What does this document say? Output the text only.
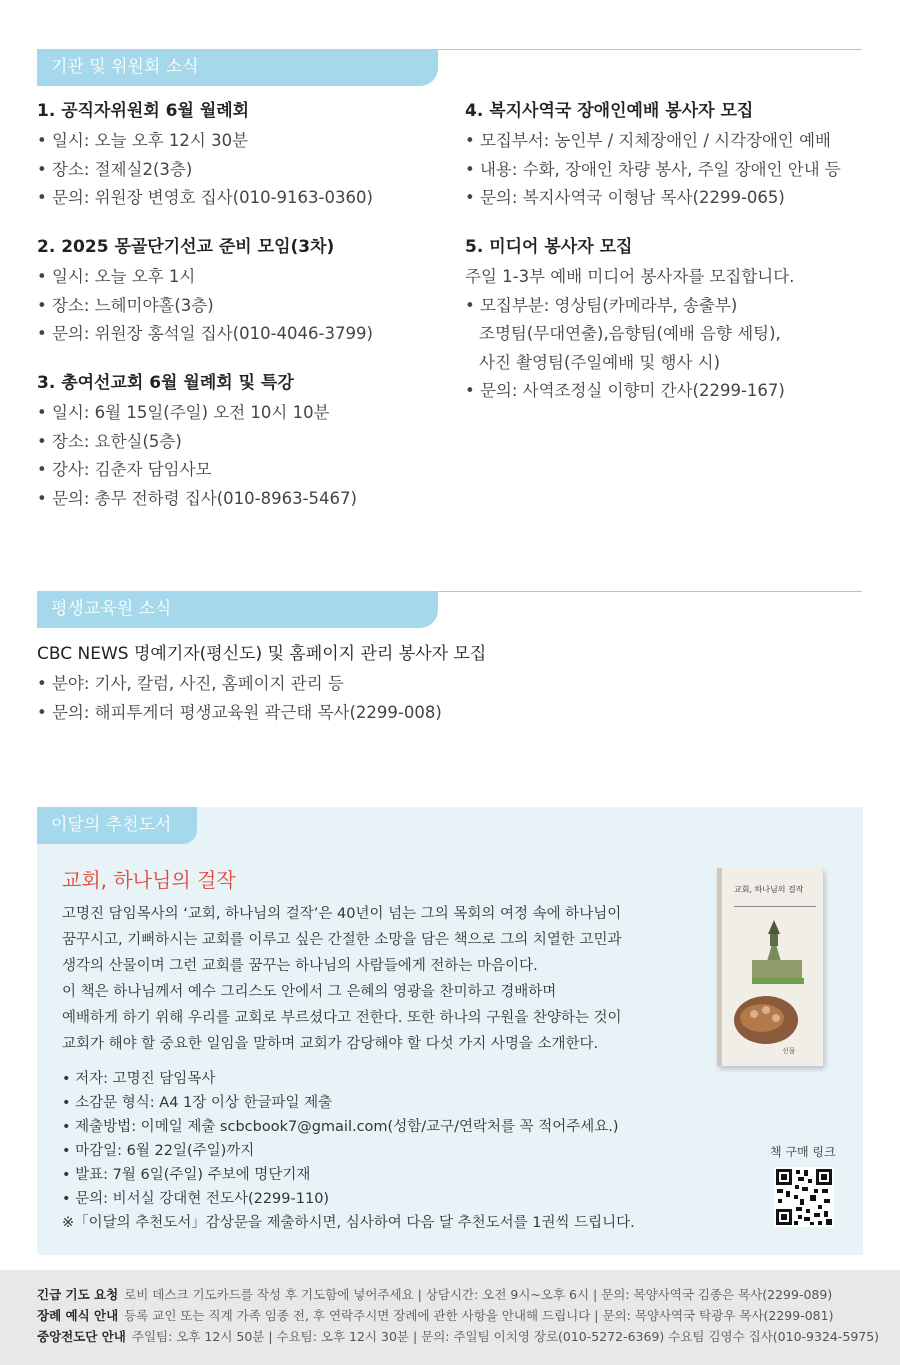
기관 및 위원회 소식
1. 공직자위원회 6월 월례회
• 일시: 오늘 오후 12시 30분
• 장소: 절제실2(3층)
• 문의: 위원장 변영호 집사(010-9163-0360)
2. 2025 몽골단기선교 준비 모임(3차)
• 일시: 오늘 오후 1시
• 장소: 느헤미야홀(3층)
• 문의: 위원장 홍석일 집사(010-4046-3799)
3. 총여선교회 6월 월례회 및 특강
• 일시: 6월 15일(주일) 오전 10시 10분
• 장소: 요한실(5층)
• 강사: 김춘자 담임사모
• 문의: 총무 전하령 집사(010-8963-5467)
4. 복지사역국 장애인예배 봉사자 모집
• 모집부서: 농인부 / 지체장애인 / 시각장애인 예배
• 내용: 수화, 장애인 차량 봉사, 주일 장애인 안내 등
• 문의: 복지사역국 이형남 목사(2299-065)
5. 미디어 봉사자 모집
주일 1-3부 예배 미디어 봉사자를 모집합니다.
• 모집부분: 영상팀(카메라부, 송출부)
조명팀(무대연출),음향팀(예배 음향 세팅),
사진 촬영팀(주일예배 및 행사 시)
• 문의: 사역조정실 이향미 간사(2299-167)
평생교육원 소식
CBC NEWS 명예기자(평신도) 및 홈페이지 관리 봉사자 모집
• 분야: 기사, 칼럼, 사진, 홈페이지 관리 등
• 문의: 해피투게더 평생교육원 곽근태 목사(2299-008)
이달의 추천도서
교회, 하나님의 걸작
고명진 담임목사의 ‘교회, 하나님의 걸작’은 40년이 넘는 그의 목회의 여정 속에 하나님이
꿈꾸시고, 기뻐하시는 교회를 이루고 싶은 간절한 소망을 담은 책으로 그의 치열한 고민과
생각의 산물이며 그런 교회를 꿈꾸는 하나님의 사람들에게 전하는 마음이다.
이 책은 하나님께서 예수 그리스도 안에서 그 은혜의 영광을 찬미하고 경배하며
예배하게 하기 위해 우리를 교회로 부르셨다고 전한다. 또한 하나의 구원을 찬양하는 것이
교회가 해야 할 중요한 일임을 말하며 교회가 감당해야 할 다섯 가지 사명을 소개한다.
• 저자: 고명진 담임목사
• 소감문 형식: A4 1장 이상 한글파일 제출
• 제출방법: 이메일 제출 scbcbook7@gmail.com(성함/교구/연락처를 꼭 적어주세요.)
• 마감일: 6월 22일(주일)까지
• 발표: 7월 6일(주일) 주보에 명단기재
• 문의: 비서실 강대현 전도사(2299-110)
※「이달의 추천도서」감상문을 제출하시면, 심사하여 다음 달 추천도서를 1권씩 드립니다.
교회, 하나님의 걸작
선물
책 구매 링크
긴급 기도 요청 로비 데스크 기도카드를 작성 후 기도함에 넣어주세요 | 상담시간: 오전 9시~오후 6시 | 문의: 목양사역국 김종은 목사(2299-089)
장례 예식 안내 등록 교인 또는 직계 가족 임종 전, 후 연락주시면 장례에 관한 사항을 안내해 드립니다 | 문의: 목양사역국 탁광우 목사(2299-081)
중앙전도단 안내 주일팀: 오후 12시 50분 | 수요팀: 오후 12시 30분 | 문의: 주일팀 이치영 장로(010-5272-6369) 수요팀 김영수 집사(010-9324-5975)
